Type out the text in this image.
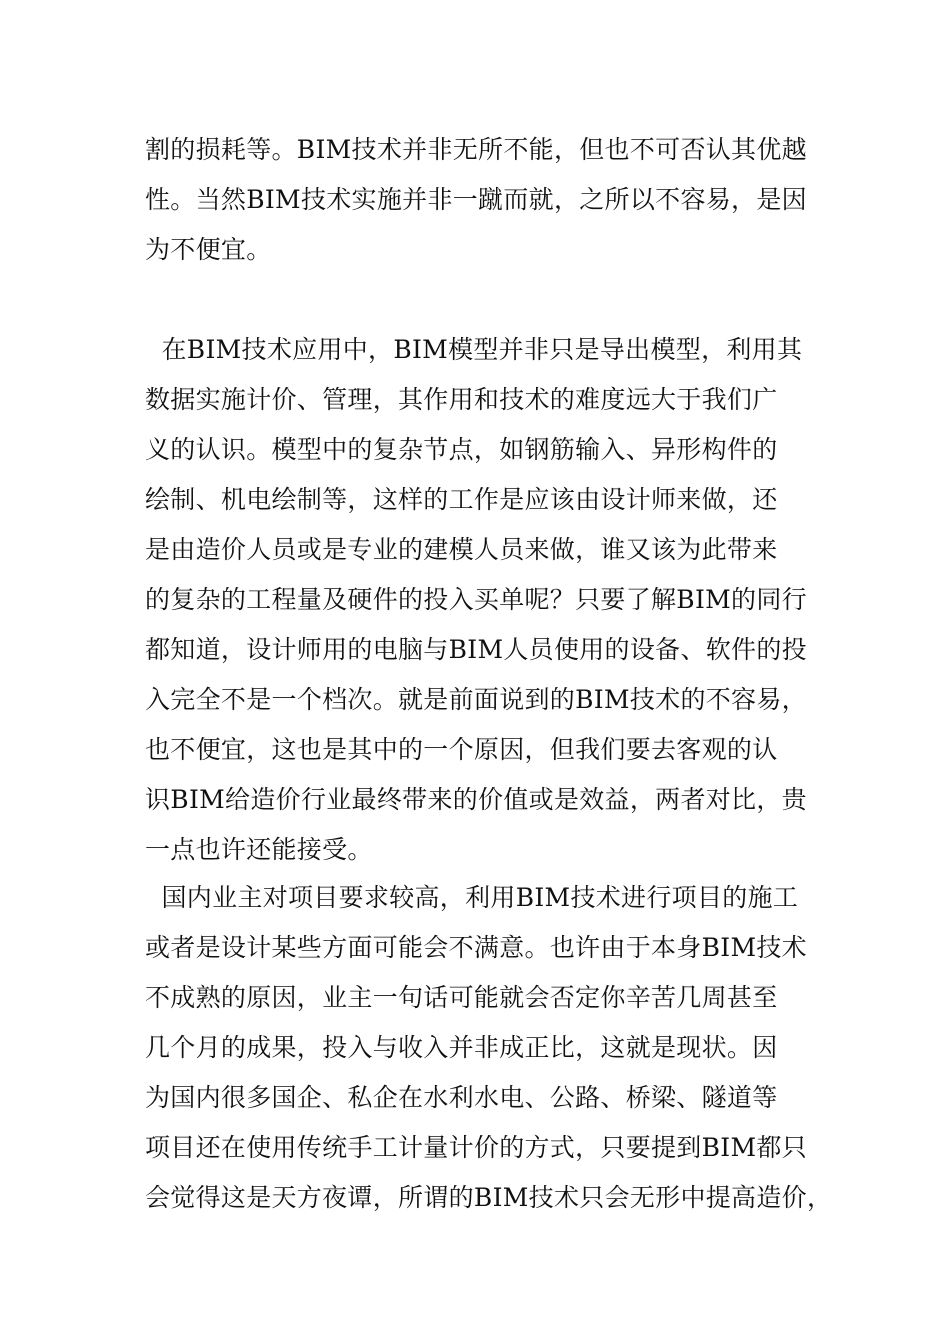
割的损耗等。BIM技术并非无所不能，但也不可否认其优越
性。当然BIM技术实施并非一蹴而就，之所以不容易，是因
为不便宜。
在BIM技术应用中，BIM模型并非只是导出模型，利用其
数据实施计价、管理，其作用和技术的难度远大于我们广
义的认识。模型中的复杂节点，如钢筋输入、异形构件的
绘制、机电绘制等，这样的工作是应该由设计师来做，还
是由造价人员或是专业的建模人员来做，谁又该为此带来
的复杂的工程量及硬件的投入买单呢？只要了解BIM的同行
都知道，设计师用的电脑与BIM人员使用的设备、软件的投
入完全不是一个档次。就是前面说到的BIM技术的不容易，
也不便宜，这也是其中的一个原因，但我们要去客观的认
识BIM给造价行业最终带来的价值或是效益，两者对比，贵
一点也许还能接受。
国内业主对项目要求较高，利用BIM技术进行项目的施工
或者是设计某些方面可能会不满意。也许由于本身BIM技术
不成熟的原因，业主一句话可能就会否定你辛苦几周甚至
几个月的成果，投入与收入并非成正比，这就是现状。因
为国内很多国企、私企在水利水电、公路、桥梁、隧道等
项目还在使用传统手工计量计价的方式，只要提到BIM都只
会觉得这是天方夜谭，所谓的BIM技术只会无形中提高造价，
